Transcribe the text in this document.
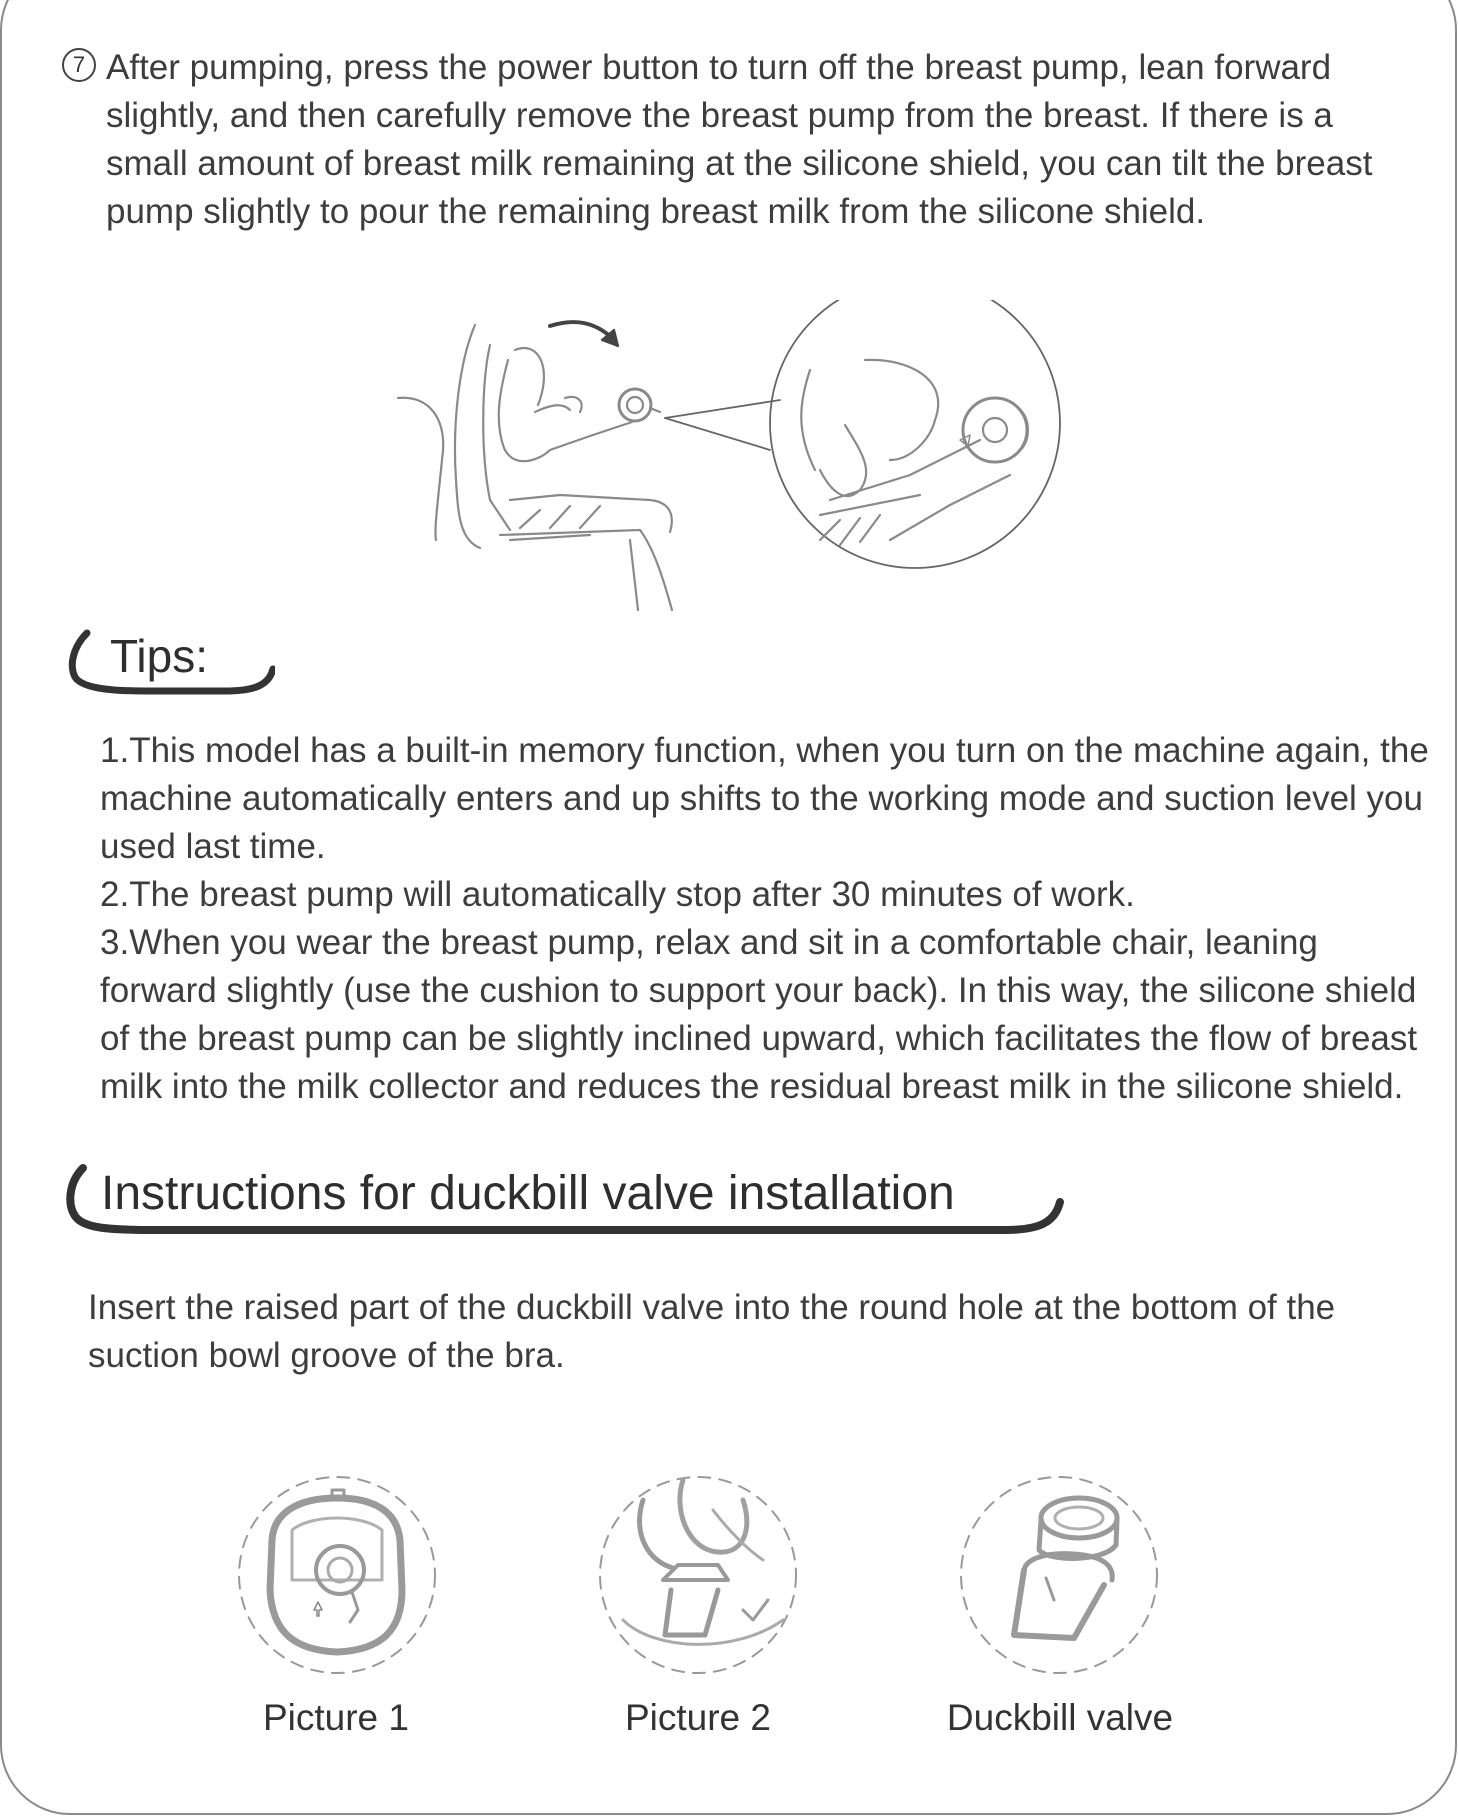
7 After pumping, press the power button to turn off the breast pump, lean forward slightly, and then carefully remove the breast pump from the breast. If there is a small amount of breast milk remaining at the silicone shield, you can tilt the breast pump slightly to pour the remaining breast milk from the silicone shield.
Tips:

1.This model has a built-in memory function, when you turn on the machine again, the machine automatically enters and up shifts to the working mode and suction level you used last time.

2.The breast pump will automatically stop after 30 minutes of work.

3.When you wear the breast pump, relax and sit in a comfortable chair, leaning forward slightly (use the cushion to support your back). In this way, the silicone shield of the breast pump can be slightly inclined upward, which facilitates the flow of breast milk into the milk collector and reduces the residual breast milk in the silicone shield.

Instructions for duckbill valve installation
Insert the raised part of the duckbill valve into the round hole at the bottom of the suction bowl groove of the bra.
Picture 1	Picture 2	Duckbill valve
